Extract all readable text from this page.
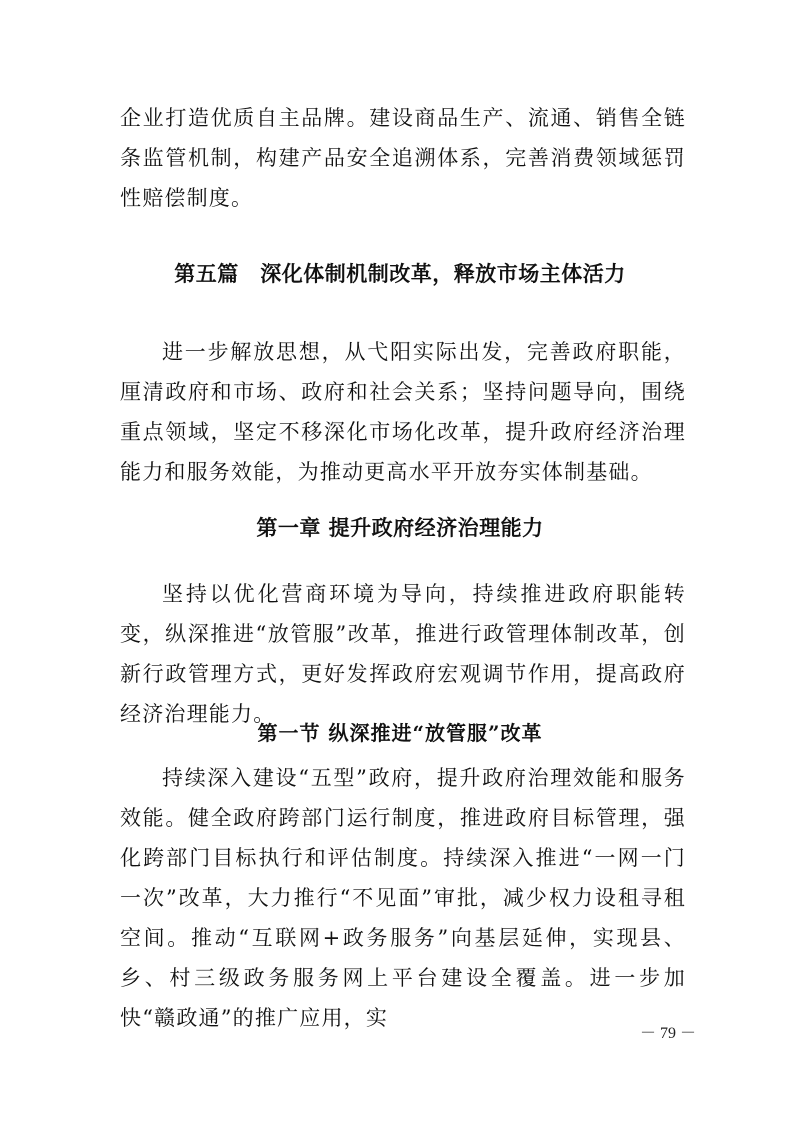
企业打造优质自主品牌。建设商品生产、流通、销售全链条监管机制，构建产品安全追溯体系，完善消费领域惩罚性赔偿制度。

第五篇　深化体制机制改革，释放市场主体活力

进一步解放思想，从弋阳实际出发，完善政府职能，厘清政府和市场、政府和社会关系；坚持问题导向，围绕重点领域，坚定不移深化市场化改革，提升政府经济治理能力和服务效能，为推动更高水平开放夯实体制基础。

第一章 提升政府经济治理能力

坚持以优化营商环境为导向，持续推进政府职能转变，纵深推进“放管服”改革，推进行政管理体制改革，创新行政管理方式，更好发挥政府宏观调节作用，提高政府经济治理能力。

第一节 纵深推进“放管服”改革

持续深入建设“五型”政府，提升政府治理效能和服务效能。健全政府跨部门运行制度，推进政府目标管理，强化跨部门目标执行和评估制度。持续深入推进“一网一门一次”改革，大力推行“不见面”审批，减少权力设租寻租空间。推动“互联网+政务服务”向基层延伸，实现县、乡、村三级政务服务网上平台建设全覆盖。进一步加快“赣政通”的推广应用，实

－ 79 －
